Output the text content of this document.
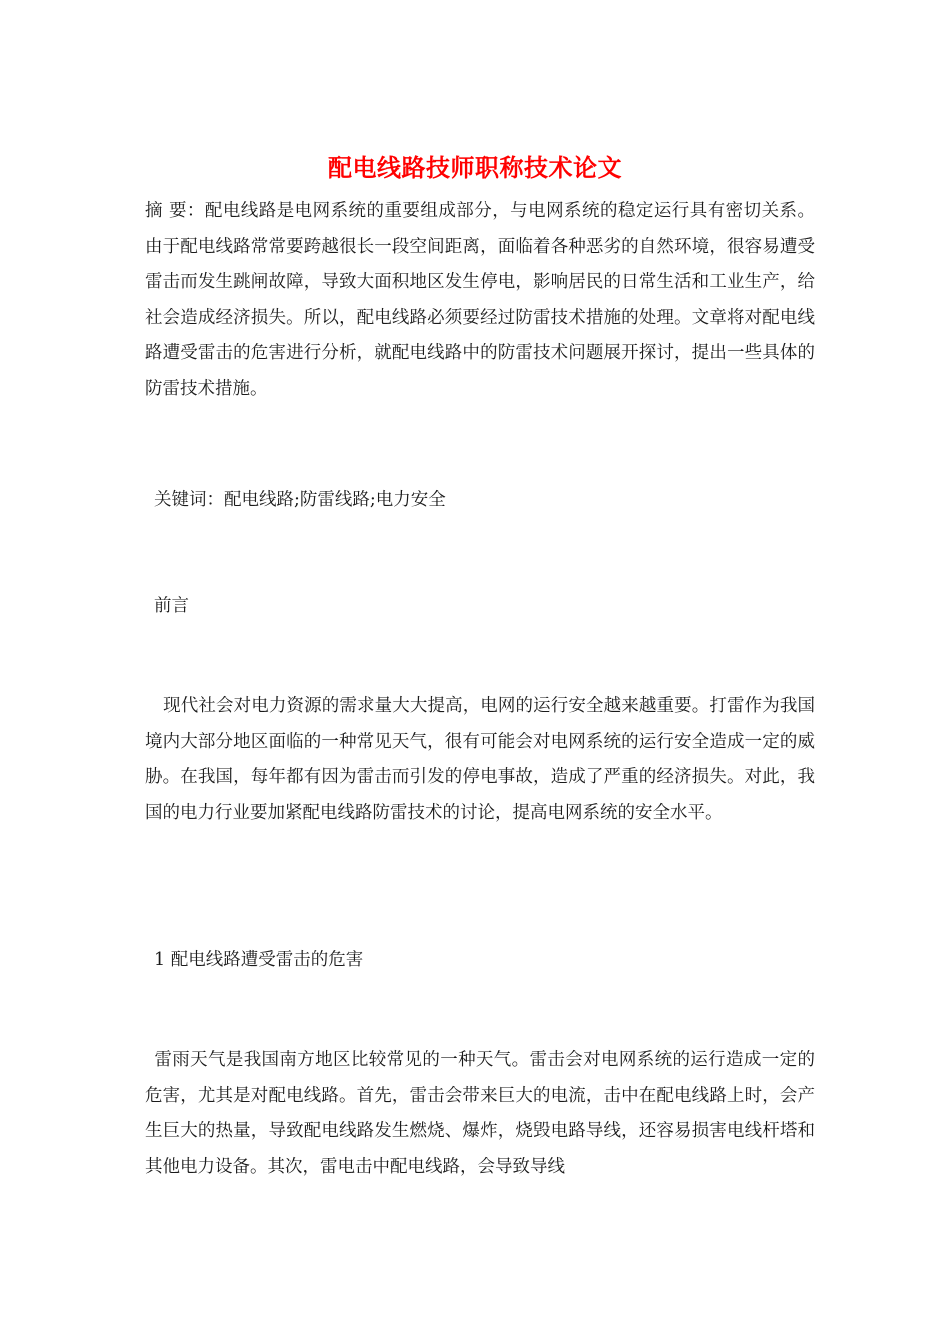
配电线路技师职称技术论文
摘 要：配电线路是电网系统的重要组成部分，与电网系统的稳定运行具有密切关系。由于配电线路常常要跨越很长一段空间距离，面临着各种恶劣的自然环境，很容易遭受雷击而发生跳闸故障，导致大面积地区发生停电，影响居民的日常生活和工业生产，给社会造成经济损失。所以，配电线路必须要经过防雷技术措施的处理。文章将对配电线路遭受雷击的危害进行分析，就配电线路中的防雷技术问题展开探讨，提出一些具体的防雷技术措施。
关键词：配电线路;防雷线路;电力安全
前言
现代社会对电力资源的需求量大大提高，电网的运行安全越来越重要。打雷作为我国境内大部分地区面临的一种常见天气，很有可能会对电网系统的运行安全造成一定的威胁。在我国，每年都有因为雷击而引发的停电事故，造成了严重的经济损失。对此，我国的电力行业要加紧配电线路防雷技术的讨论，提高电网系统的安全水平。
1 配电线路遭受雷击的危害
雷雨天气是我国南方地区比较常见的一种天气。雷击会对电网系统的运行造成一定的危害，尤其是对配电线路。首先，雷击会带来巨大的电流，击中在配电线路上时，会产生巨大的热量，导致配电线路发生燃烧、爆炸，烧毁电路导线，还容易损害电线杆塔和其他电力设备。其次，雷电击中配电线路，会导致导线
